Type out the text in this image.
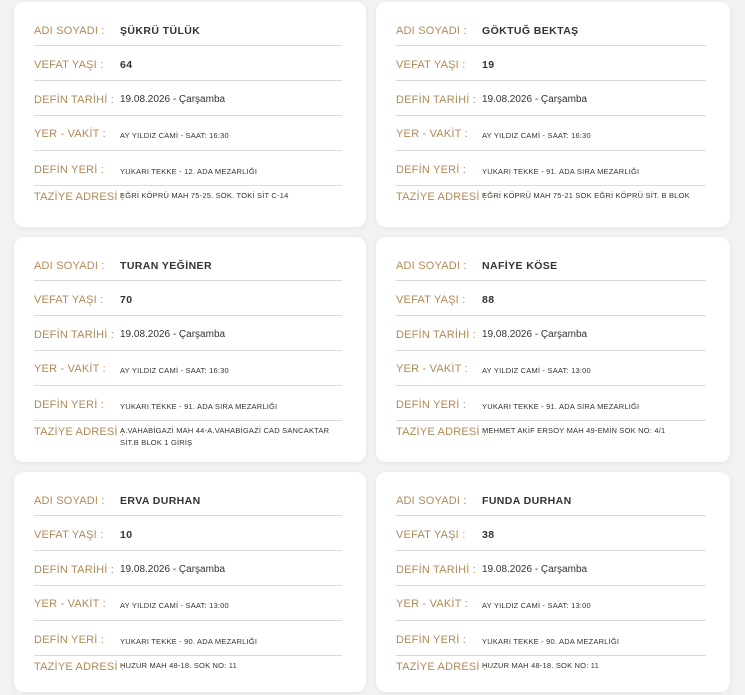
ADI SOYADI : ŞÜKRÜ TÜLÜK
VEFAT YAŞI : 64
DEFİN TARİHİ : 19.08.2026 - Çarşamba
YER - VAKİT : AY YILDIZ CAMİ - SAAT: 16:30
DEFİN YERİ : YUKARI TEKKE - 12. ADA MEZARLIĞI
TAZİYE ADRESİ :
EĞRİ KÖPRÜ MAH 75-25. SOK. TOKİ SİT C-14
ADI SOYADI : GÖKTUĞ BEKTAŞ
VEFAT YAŞI : 19
DEFİN TARİHİ : 19.08.2026 - Çarşamba
YER - VAKİT : AY YILDIZ CAMİ - SAAT: 16:30
DEFİN YERİ : YUKARI TEKKE - 91. ADA SIRA MEZARLIĞI
TAZİYE ADRESİ :
EĞRİ KÖPRÜ MAH 75-21 SOK EĞRİ KÖPRÜ SİT. B BLOK
ADI SOYADI : TURAN YEĞİNER
VEFAT YAŞI : 70
DEFİN TARİHİ : 19.08.2026 - Çarşamba
YER - VAKİT : AY YILDIZ CAMİ - SAAT: 16:30
DEFİN YERİ : YUKARI TEKKE - 91. ADA SIRA MEZARLIĞI
TAZİYE ADRESİ :
A.VAHABİGAZİ MAH 44-A.VAHABİGAZİ CAD SANCAKTAR SİT.B BLOK 1 GİRİŞ
ADI SOYADI : NAFİYE KÖSE
VEFAT YAŞI : 88
DEFİN TARİHİ : 19.08.2026 - Çarşamba
YER - VAKİT : AY YILDIZ CAMİ - SAAT: 13:00
DEFİN YERİ : YUKARI TEKKE - 91. ADA SIRA MEZARLIĞI
TAZİYE ADRESİ :
MEHMET AKİF ERSOY MAH 49-EMİN SOK NO: 4/1
ADI SOYADI : ERVA DURHAN
VEFAT YAŞI : 10
DEFİN TARİHİ : 19.08.2026 - Çarşamba
YER - VAKİT : AY YILDIZ CAMİ - SAAT: 13:00
DEFİN YERİ : YUKARI TEKKE - 90. ADA MEZARLIĞI
TAZİYE ADRESİ :
HUZUR MAH 48-18. SOK NO: 11
ADI SOYADI : FUNDA DURHAN
VEFAT YAŞI : 38
DEFİN TARİHİ : 19.08.2026 - Çarşamba
YER - VAKİT : AY YILDIZ CAMİ - SAAT: 13:00
DEFİN YERİ : YUKARI TEKKE - 90. ADA MEZARLIĞI
TAZİYE ADRESİ :
HUZUR MAH 48-18. SOK NO: 11
